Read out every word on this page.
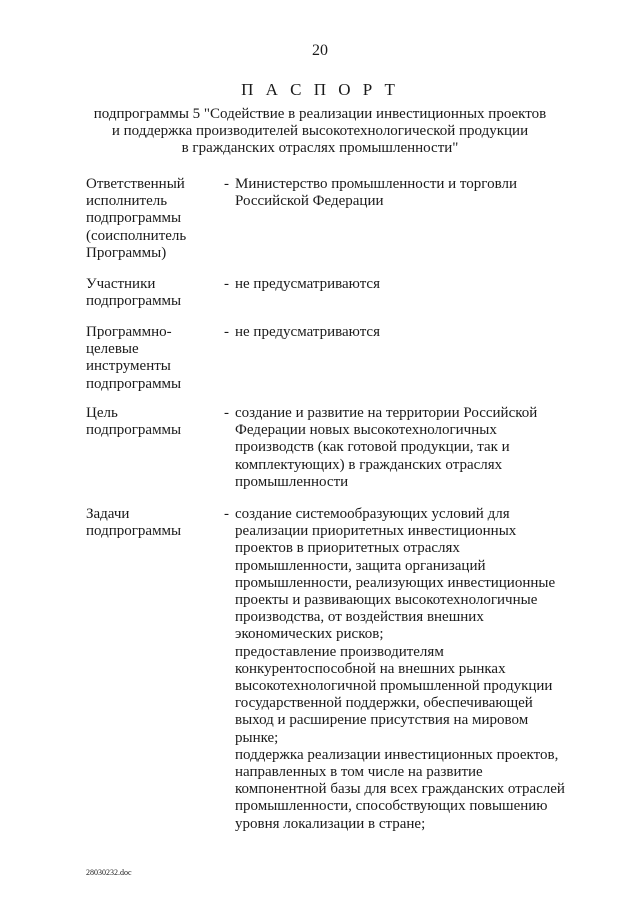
20
П А С П О Р Т
подпрограммы 5 "Содействие в реализации инвестиционных проектов
и поддержка производителей высокотехнологической продукции
в гражданских отраслях промышленности"
Ответственный
исполнитель
подпрограммы
(соисполнитель
Программы)
- Министерство промышленности и торговли
Российской Федерации
Участники
подпрограммы
- не предусматриваются
Программно-
целевые
инструменты
подпрограммы
- не предусматриваются
Цель
подпрограммы
- создание и развитие на территории Российской
Федерации новых высокотехнологичных
производств (как готовой продукции, так и
комплектующих) в гражданских отраслях
промышленности
Задачи
подпрограммы
- создание системообразующих условий для
реализации приоритетных инвестиционных
проектов в приоритетных отраслях
промышленности, защита организаций
промышленности, реализующих инвестиционные
проекты и развивающих высокотехнологичные
производства, от воздействия внешних
экономических рисков;
предоставление производителям
конкурентоспособной на внешних рынках
высокотехнологичной промышленной продукции
государственной поддержки, обеспечивающей
выход и расширение присутствия на мировом
рынке;
поддержка реализации инвестиционных проектов,
направленных в том числе на развитие
компонентной базы для всех гражданских отраслей
промышленности, способствующих повышению
уровня локализации в стране;
28030232.doc
